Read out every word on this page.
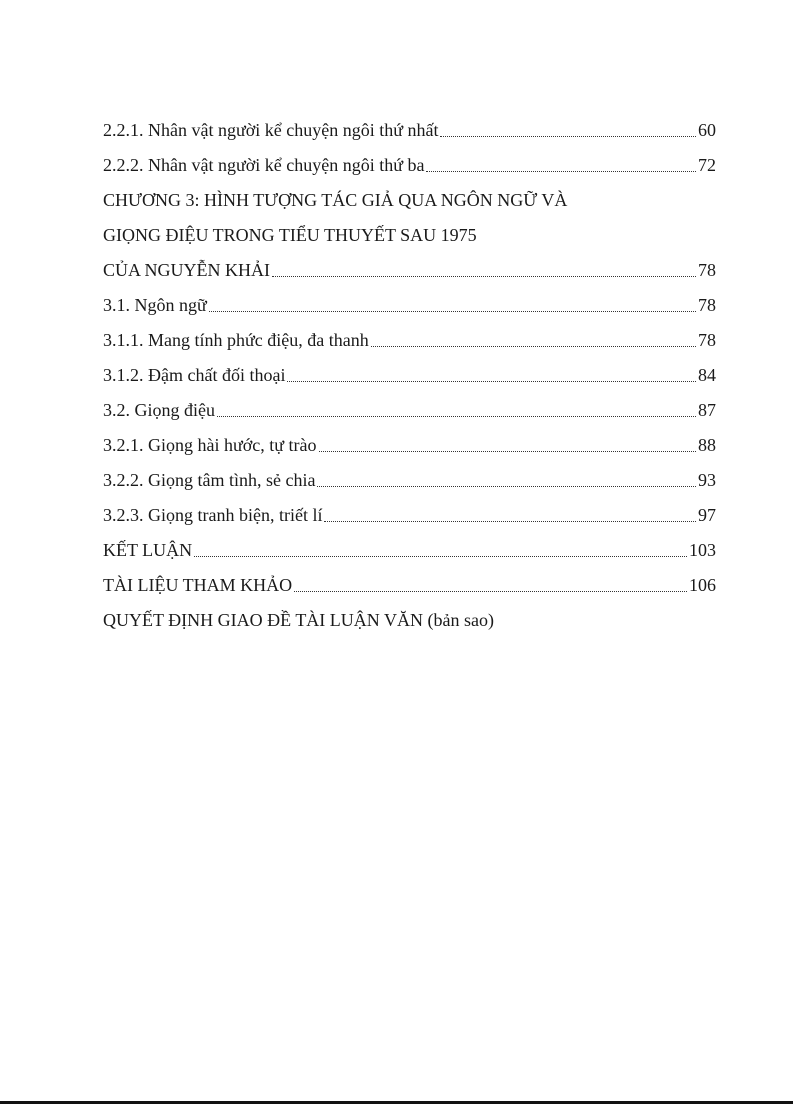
2.2.1. Nhân vật người kể chuyện ngôi thứ nhất	60
2.2.2. Nhân vật người kể chuyện ngôi thứ ba	72
CHƯƠNG 3: HÌNH TƯỢNG TÁC GIẢ QUA NGÔN NGỮ VÀ
GIỌNG ĐIỆU TRONG TIỂU THUYẾT SAU 1975
CỦA NGUYỄN KHẢI	78
3.1. Ngôn ngữ	78
3.1.1. Mang tính phức điệu, đa thanh	78
3.1.2. Đậm chất đối thoại	84
3.2. Giọng điệu	87
3.2.1. Giọng hài hước, tự trào	88
3.2.2. Giọng tâm tình, sẻ chia	93
3.2.3. Giọng tranh biện, triết lí	97
KẾT LUẬN	103
TÀI LIỆU THAM KHẢO	106
QUYẾT ĐỊNH GIAO ĐỀ TÀI LUẬN VĂN (bản sao)
